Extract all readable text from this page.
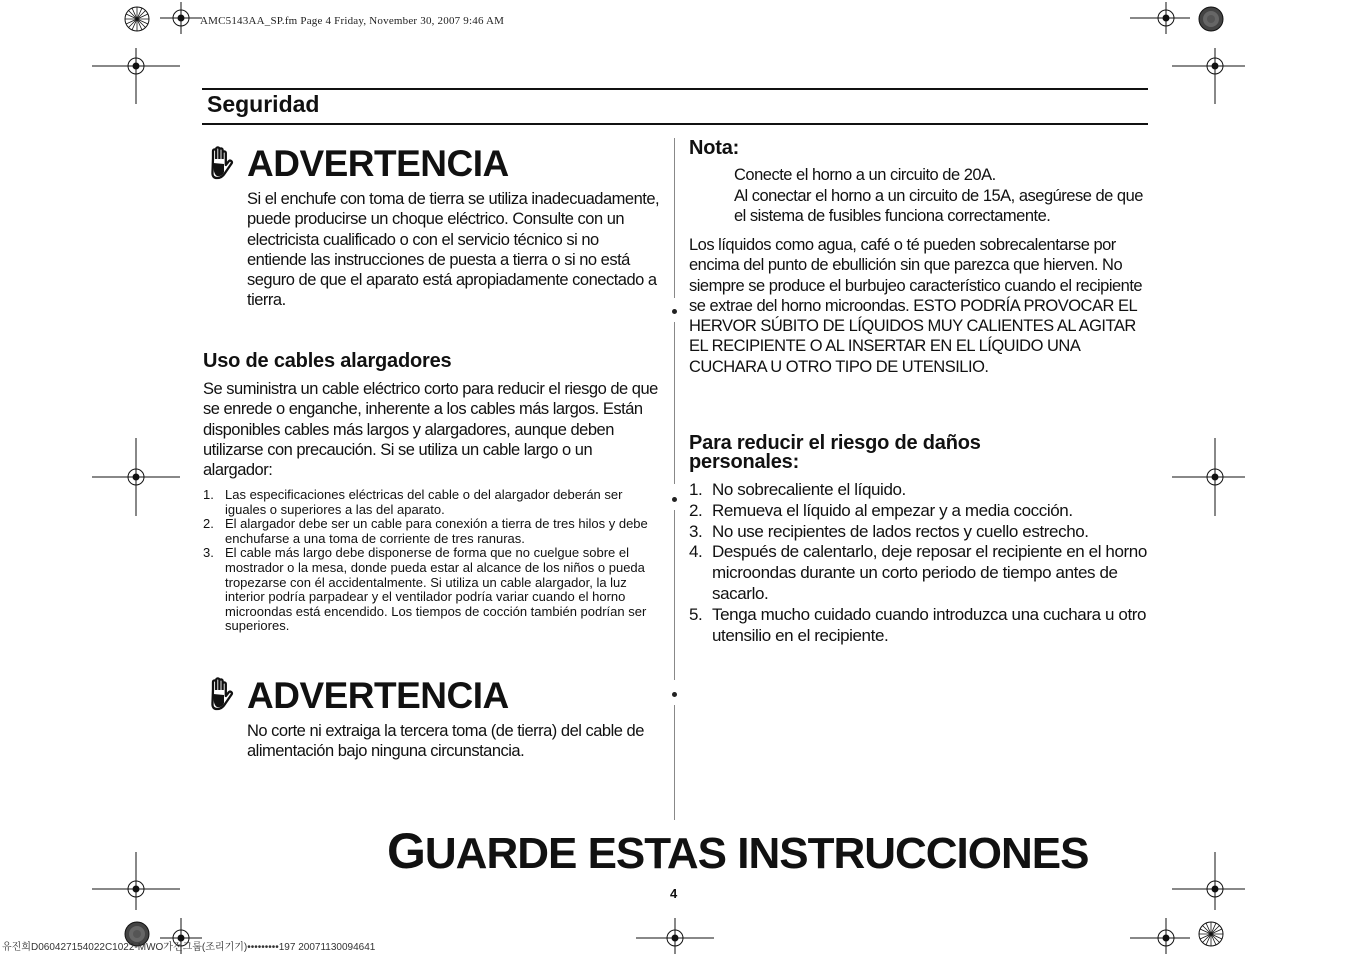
AMC5143AA_SP.fm Page 4 Friday, November 30, 2007 9:46 AM
Seguridad
ADVERTENCIA
Si el enchufe con toma de tierra se utiliza inadecuadamente, puede producirse un choque eléctrico. Consulte con un electricista cualificado o con el servicio técnico si no entiende las instrucciones de puesta a tierra o si no está seguro de que el aparato está apropiadamente conectado a tierra.
Uso de cables alargadores
Se suministra un cable eléctrico corto para reducir el riesgo de que se enrede o enganche, inherente a los cables más largos. Están disponibles cables más largos y alargadores, aunque deben utilizarse con precaución. Si se utiliza un cable largo o un alargador:
1. Las especificaciones eléctricas del cable o del alargador deberán ser iguales o superiores a las del aparato.
2. El alargador debe ser un cable para conexión a tierra de tres hilos y debe enchufarse a una toma de corriente de tres ranuras.
3. El cable más largo debe disponerse de forma que no cuelgue sobre el mostrador o la mesa, donde pueda estar al alcance de los niños o pueda tropezarse con él accidentalmente. Si utiliza un cable alargador, la luz interior podría parpadear y el ventilador podría variar cuando el horno microondas está encendido. Los tiempos de cocción también podrían ser superiores.
ADVERTENCIA
No corte ni extraiga la tercera toma (de tierra) del cable de alimentación bajo ninguna circunstancia.
Nota:
Conecte el horno a un circuito de 20A.
Al conectar el horno a un circuito de 15A, asegúrese de que el sistema de fusibles funciona correctamente.
Los líquidos como agua, café o té pueden sobrecalentarse por encima del punto de ebullición sin que parezca que hierven. No siempre se produce el burbujeo característico cuando el recipiente se extrae del horno microondas. ESTO PODRÍA PROVOCAR EL HERVOR SÚBITO DE LÍQUIDOS MUY CALIENTES AL AGITAR EL RECIPIENTE O AL INSERTAR EN EL LÍQUIDO UNA CUCHARA U OTRO TIPO DE UTENSILIO.
Para reducir el riesgo de daños personales:
1. No sobrecaliente el líquido.
2. Remueva el líquido al empezar y a media cocción.
3. No use recipientes de lados rectos y cuello estrecho.
4. Después de calentarlo, deje reposar el recipiente en el horno microondas durante un corto periodo de tiempo antes de sacarlo.
5. Tenga mucho cuidado cuando introduzca una cuchara u otro utensilio en el recipiente.
GUARDE ESTAS INSTRUCCIONES
4
유진희D060427154022C1022-MWO가전그룹(조리기기)•••••••••197 20071130094641
